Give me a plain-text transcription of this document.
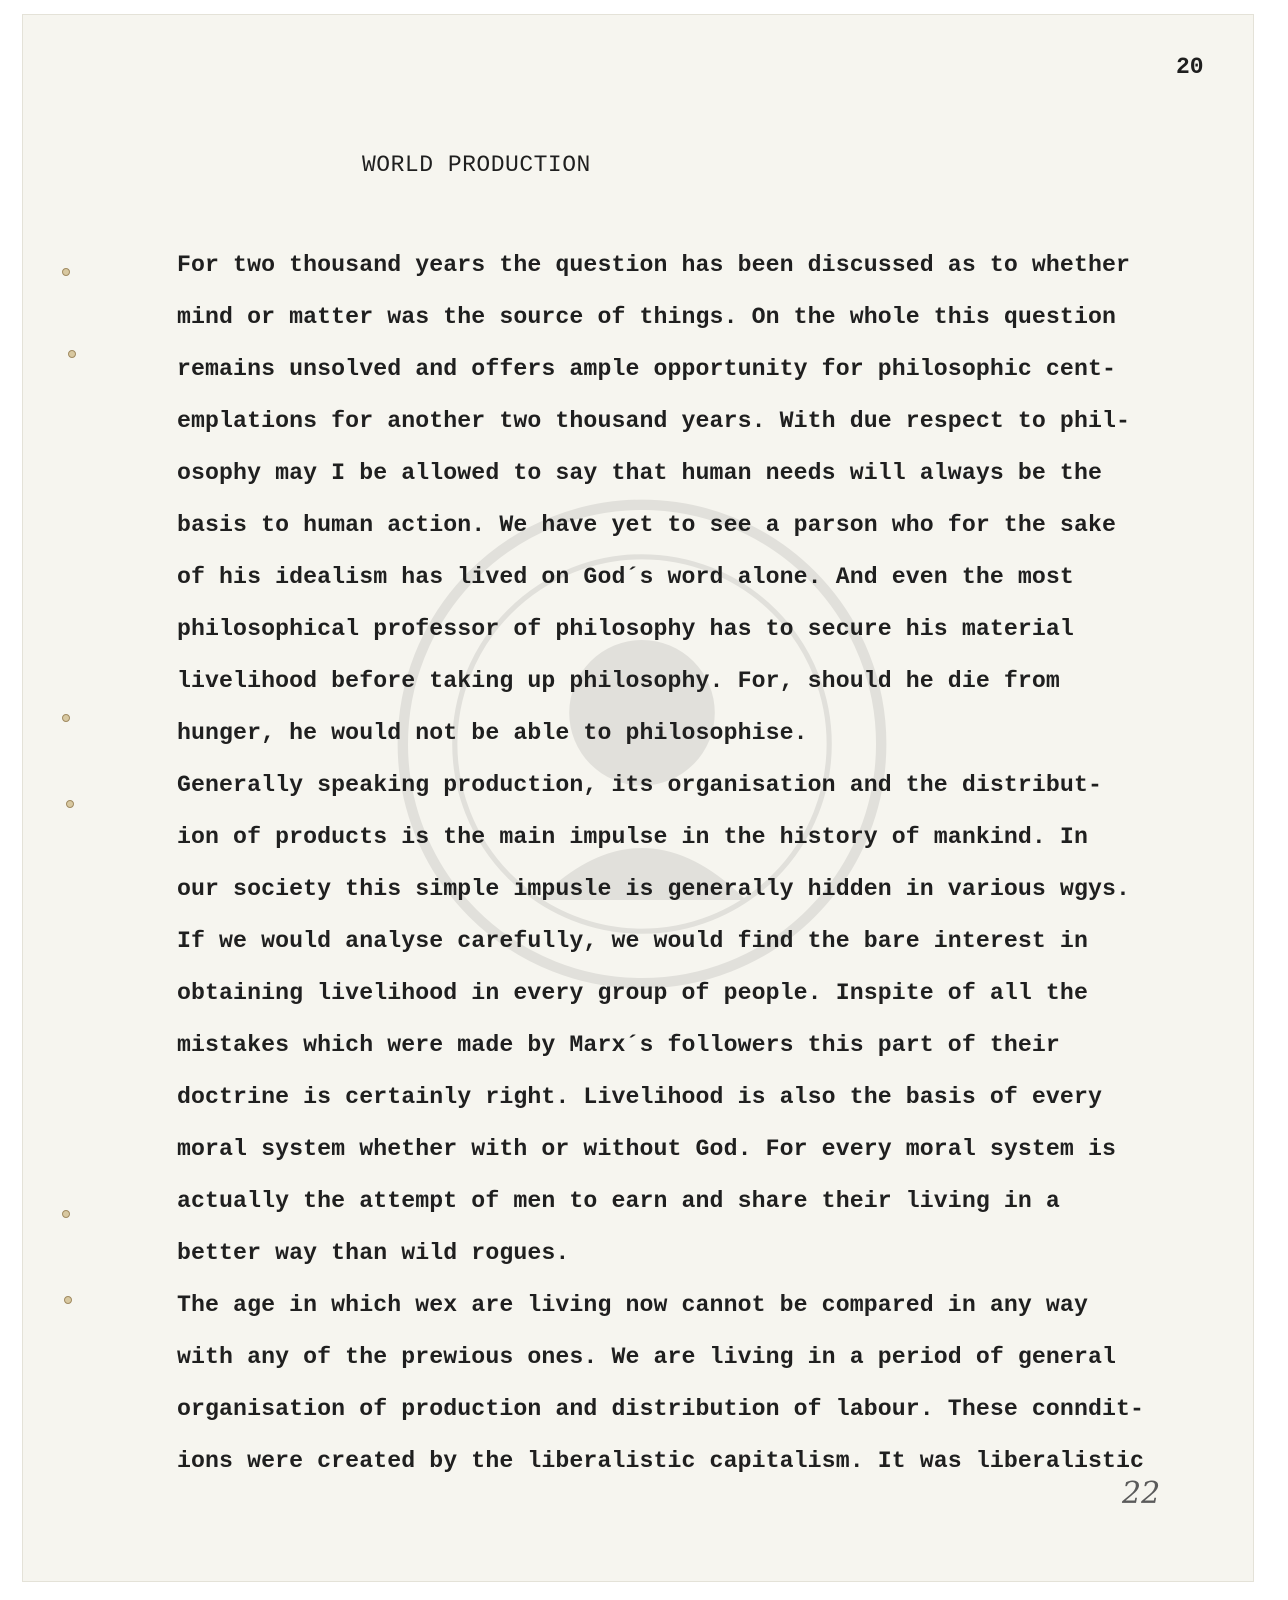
20
WORLD PRODUCTION
For two thousand years the question has been discussed as to whether
mind or matter was the source of things. On the whole this question
remains unsolved and offers ample opportunity for philosophic cent-
emplations for another two thousand years. With due respect to phil-
osophy may I be allowed to say that human needs will always be the
basis to human action. We have yet to see a parson who for the sake
of his idealism has lived on God´s word alone. And even the most
philosophical professor of philosophy has to secure his material
livelihood before taking up philosophy. For, should he die from
hunger, he would not be able to philosophise.
Generally speaking production, its organisation and the distribut-
ion of products is the main impulse in the history of mankind. In
our society this simple impusle is generally hidden in various wgys.
If we would analyse carefully, we would find the bare interest in
obtaining livelihood in every group of people. Inspite of all the
mistakes which were made by Marx´s followers this part of their
doctrine is certainly right. Livelihood is also the basis of every
moral system whether with or without God. For every moral system is
actually the attempt of men to earn and share their living in a
better way than wild rogues.
The age in which wex are living now cannot be compared in any way
with any of the prewious ones. We are living in a period of general
organisation of production and distribution of labour. These conndit-
ions were created by the liberalistic capitalism. It was liberalistic
22
